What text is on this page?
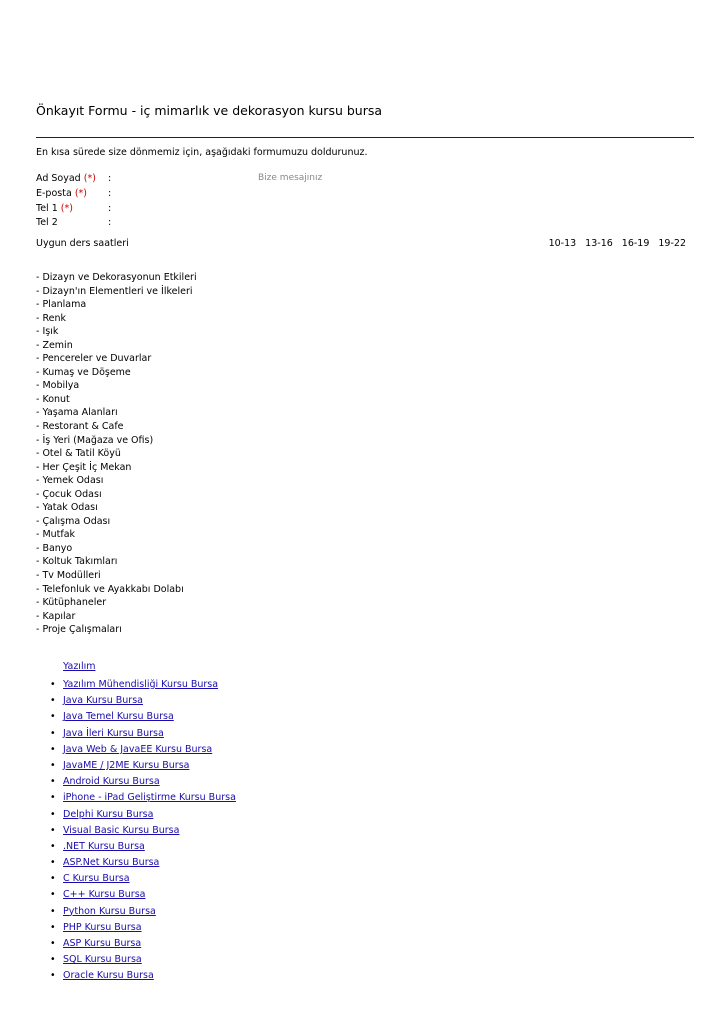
Önkayıt Formu - iç mimarlık ve dekorasyon kursu bursa
En kısa sürede size dönmemiz için, aşağıdaki formumuzu doldurunuz.
Ad Soyad (*) :
E-posta (*) :
Tel 1 (*)	:
Tel 2	:
Bize mesajınız
Uygun ders saatleri	10-13 13-16 16-19 19-22
- Dizayn ve Dekorasyonun Etkileri
- Dizayn'ın Elementleri ve İlkeleri
- Planlama
- Renk
- Işık
- Zemin
- Pencereler ve Duvarlar
- Kumaş ve Döşeme
- Mobilya
- Konut
- Yaşama Alanları
- Restorant & Cafe
- İş Yeri (Mağaza ve Ofis)
- Otel & Tatil Köyü
- Her Çeşit İç Mekan
- Yemek Odası
- Çocuk Odası
- Yatak Odası
- Çalışma Odası
- Mutfak
- Banyo
- Koltuk Takımları
- Tv Modülleri
- Telefonluk ve Ayakkabı Dolabı
- Kütüphaneler
- Kapılar
- Proje Çalışmaları
Yazılım
• Yazılım Mühendisliği Kursu Bursa
• Java Kursu Bursa
• Java Temel Kursu Bursa
• Java İleri Kursu Bursa
• Java Web & JavaEE Kursu Bursa
• JavaME / J2ME Kursu Bursa
• Android Kursu Bursa
• iPhone - iPad Geliştirme Kursu Bursa
• Delphi Kursu Bursa
• Visual Basic Kursu Bursa
• .NET Kursu Bursa
• ASP.Net Kursu Bursa
• C Kursu Bursa
• C++ Kursu Bursa
• Python Kursu Bursa
• PHP Kursu Bursa
• ASP Kursu Bursa
• SQL Kursu Bursa
• Oracle Kursu Bursa
